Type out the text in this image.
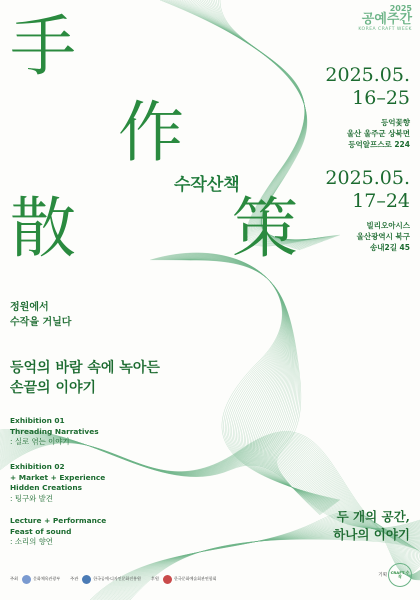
2025
공예주간
KOREA CRAFT WEEK
手
作
散 策
수작산책
2025.05.
16–25
등억꽃향
울산 울주군 상북면
등억알프스로 224
2025.05.
17–24
빌리오아시스
울산광역시 북구
송내2길 45
정원에서
수작을 거닐다
등억의 바람 속에 녹아든
손끝의 이야기
Exhibition 01
Threading Narratives
: 실로 엮는 이야기
Exhibition 02
+ Market + Experience
Hidden Creations
: 팅구와 발견
Lecture + Performance
Feast of sound
: 소리의 향연
두 개의 공간,
하나의 이야기
주최	문화체육관광부 주관	한국공예·디자인문화진흥원 후원	한국문화예술회관연합회
기획
CRAFT 수작
